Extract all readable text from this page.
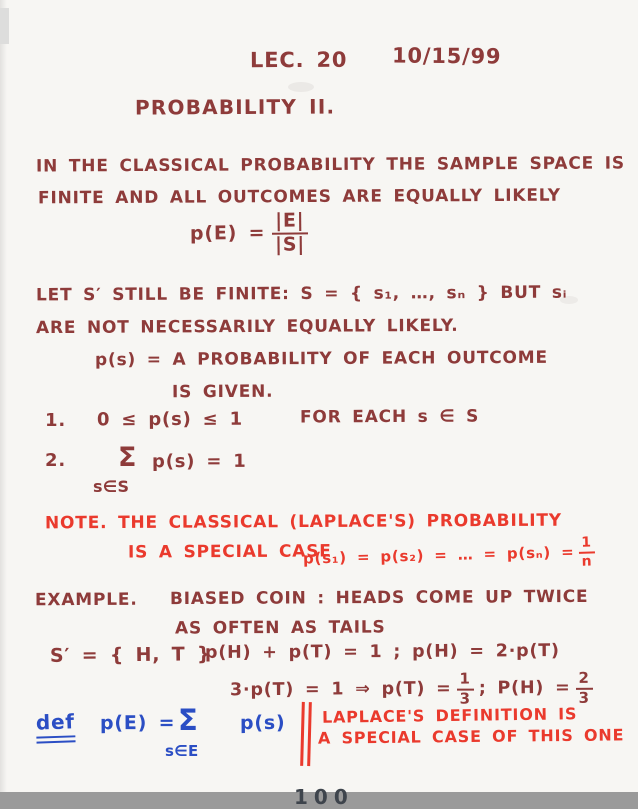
LEC. 20 10/15/99
PROBABILITY II.
IN THE CLASSICAL PROBABILITY THE SAMPLE SPACE IS
FINITE AND ALL OUTCOMES ARE EQUALLY LIKELY
$p(E) = \frac{|E|}{|S|}$
LET S′ STILL BE FINITE: S = { s₁, …, sₙ } BUT sᵢ
ARE NOT NECESSARILY EQUALLY LIKELY.
p(s) = A PROBABILITY OF EACH OUTCOME
IS GIVEN.
1. 0 ≤ p(s) ≤ 1	FOR EACH s ∈ S
2. Σ p(s) = 1
s∈S
NOTE. THE CLASSICAL (LAPLACE'S) PROBABILITY
IS A SPECIAL CASE
p(s₁) = p(s₂) = … = $p(s_n) = \frac{1}{n}$
EXAMPLE. BIASED COIN : HEADS COME UP TWICE
AS OFTEN AS TAILS
S′ = { H, T }
p(H) + p(T) = 1 ; p(H) = 2·p(T)
3·p(T) = 1 ⇒ $p(T) = \frac{1}{3}$ ; $P(H) = \frac{2}{3}$
def p(E) = Σ
s∈E
p(s) LAPLACE'S DEFINITION IS
A SPECIAL CASE OF THIS ONE
100
